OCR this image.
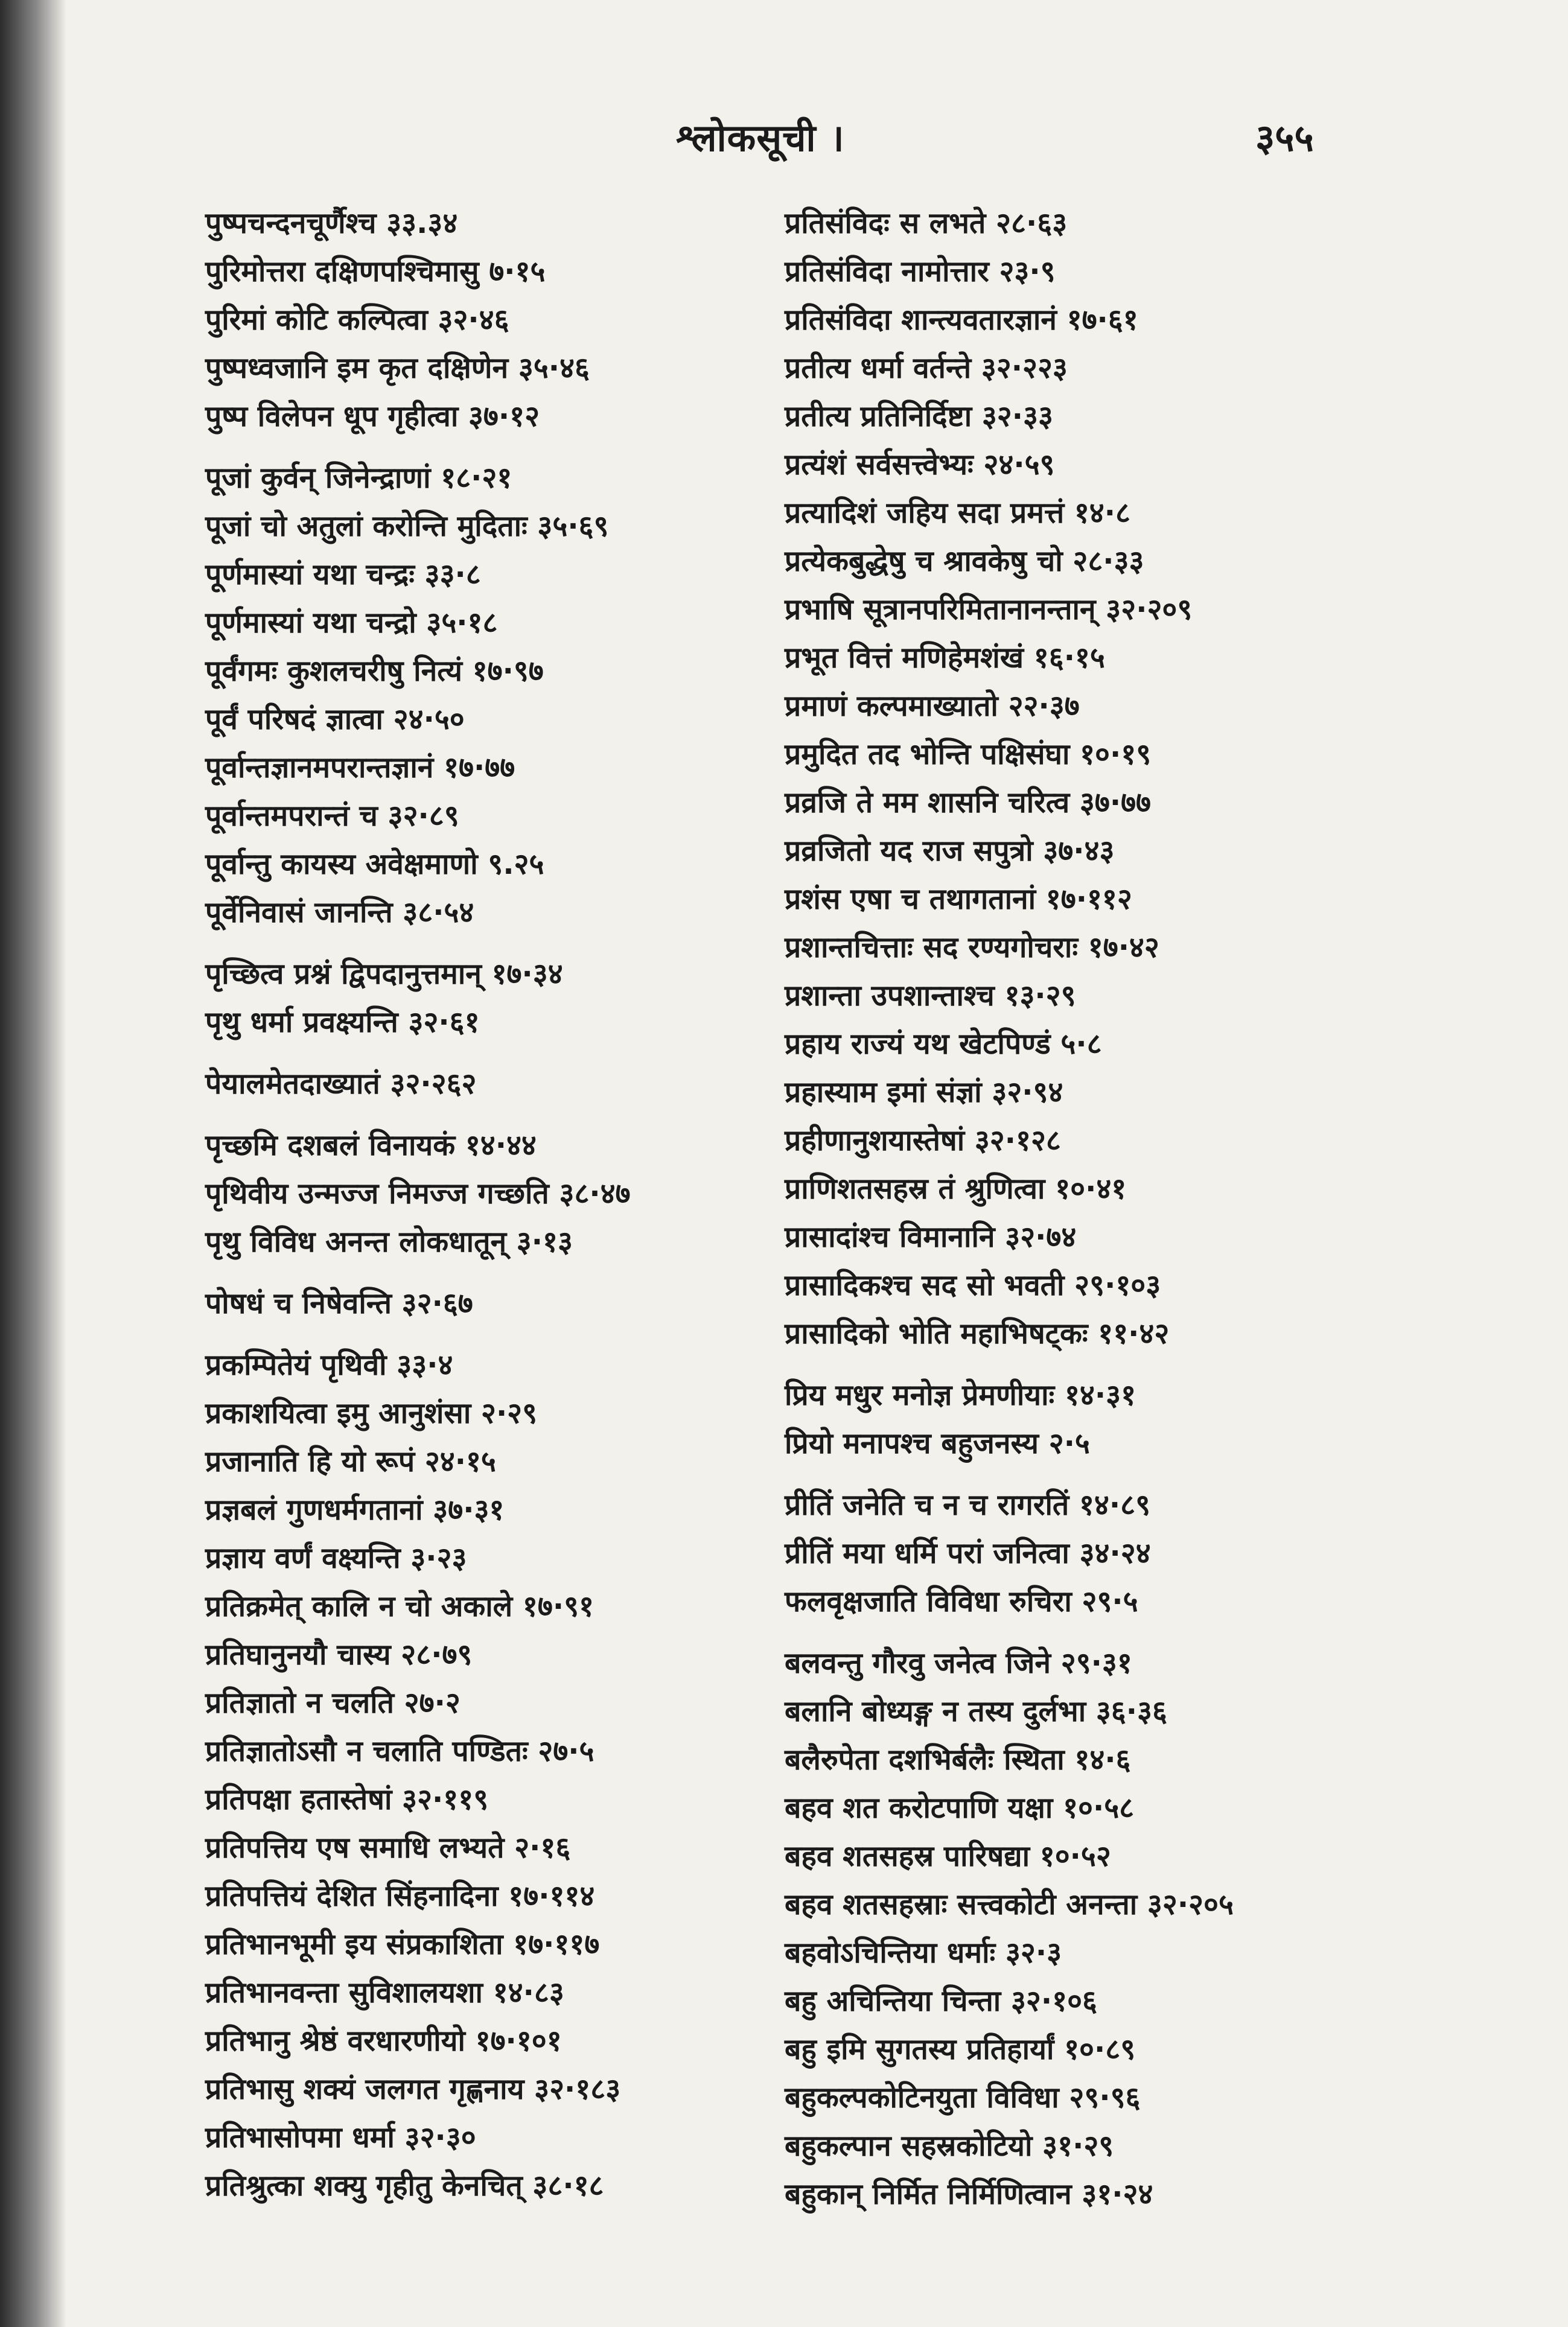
श्लोकसूची ।	३५५
पुष्पचन्दनचूर्णैश्च ३३.३४
पुरिमोत्तरा दक्षिणपश्चिमासु ७·१५
पुरिमां कोटि कल्पित्वा ३२·४६
पुष्पध्वजानि इम कृत दक्षिणेन ३५·४६
पुष्प विलेपन धूप गृहीत्वा ३७·१२
पूजां कुर्वन् जिनेन्द्राणां १८·२१
पूजां चो अतुलां करोन्ति मुदिताः ३५·६९
पूर्णमास्यां यथा चन्द्रः ३३·८
पूर्णमास्यां यथा चन्द्रो ३५·१८
पूर्वंगमः कुशलचरीषु नित्यं १७·९७
पूर्वं परिषदं ज्ञात्वा २४·५०
पूर्वान्तज्ञानमपरान्तज्ञानं १७·७७
पूर्वान्तमपरान्तं च ३२·८९
पूर्वान्तु कायस्य अवेक्षमाणो ९.२५
पूर्वेनिवासं जानन्ति ३८·५४
पृच्छित्व प्रश्नं द्विपदानुत्तमान् १७·३४
पृथु धर्मा प्रवक्ष्यन्ति ३२·६१
पेयालमेतदाख्यातं ३२·२६२
पृच्छमि दशबलं विनायकं १४·४४
पृथिवीय उन्मज्ज निमज्ज गच्छति ३८·४७
पृथु विविध अनन्त लोकधातून् ३·१३
पोषधं च निषेवन्ति ३२·६७
प्रकम्पितेयं पृथिवी ३३·४
प्रकाशयित्वा इमु आनुशंसा २·२९
प्रजानाति हि यो रूपं २४·१५
प्रज्ञबलं गुणधर्मगतानां ३७·३१
प्रज्ञाय वर्णं वक्ष्यन्ति ३·२३
प्रतिक्रमेत् कालि न चो अकाले १७·९१
प्रतिघानुनयौ चास्य २८·७९
प्रतिज्ञातो न चलति २७·२
प्रतिज्ञातोऽसौ न चलाति पण्डितः २७·५
प्रतिपक्षा हतास्तेषां ३२·११९
प्रतिपत्तिय एष समाधि लभ्यते २·१६
प्रतिपत्तियं देशित सिंहनादिना १७·११४
प्रतिभानभूमी इय संप्रकाशिता १७·११७
प्रतिभानवन्ता सुविशालयशा १४·८३
प्रतिभानु श्रेष्ठं वरधारणीयो १७·१०१
प्रतिभासु शक्यं जलगत गृह्णनाय ३२·१८३
प्रतिभासोपमा धर्मा ३२·३०
प्रतिश्रुत्का शक्यु गृहीतु केनचित् ३८·१८
प्रतिसंविदः स लभते २८·६३
प्रतिसंविदा नामोत्तार २३·९
प्रतिसंविदा शान्त्यवतारज्ञानं १७·६१
प्रतीत्य धर्मा वर्तन्ते ३२·२२३
प्रतीत्य प्रतिनिर्दिष्टा ३२·३३
प्रत्यंशं सर्वसत्त्वेभ्यः २४·५९
प्रत्यादिशं जहिय सदा प्रमत्तं १४·८
प्रत्येकबुद्धेषु च श्रावकेषु चो २८·३३
प्रभाषि सूत्रानपरिमितानानन्तान् ३२·२०९
प्रभूत वित्तं मणिहेमशंखं १६·१५
प्रमाणं कल्पमाख्यातो २२·३७
प्रमुदित तद भोन्ति पक्षिसंघा १०·१९
प्रव्रजि ते मम शासनि चरित्व ३७·७७
प्रव्रजितो यद राज सपुत्रो ३७·४३
प्रशंस एषा च तथागतानां १७·११२
प्रशान्तचित्ताः सद रण्यगोचराः १७·४२
प्रशान्ता उपशान्ताश्च १३·२९
प्रहाय राज्यं यथ खेटपिण्डं ५·८
प्रहास्याम इमां संज्ञां ३२·९४
प्रहीणानुशयास्तेषां ३२·१२८
प्राणिशतसहस्र तं श्रुणित्वा १०·४१
प्रासादांश्च विमानानि ३२·७४
प्रासादिकश्च सद सो भवती २९·१०३
प्रासादिको भोति महाभिषट्कः ११·४२
प्रिय मधुर मनोज्ञ प्रेमणीयाः १४·३१
प्रियो मनापश्च बहुजनस्य २·५
प्रीतिं जनेति च न च रागरतिं १४·८९
प्रीतिं मया धर्मि परां जनित्वा ३४·२४
फलवृक्षजाति विविधा रुचिरा २९·५
बलवन्तु गौरवु जनेत्व जिने २९·३१
बलानि बोध्यङ्ग न तस्य दुर्लभा ३६·३६
बलैरुपेता दशभिर्बलैः स्थिता १४·६
बहव शत करोटपाणि यक्षा १०·५८
बहव शतसहस्र पारिषद्या १०·५२
बहव शतसहस्राः सत्त्वकोटी अनन्ता ३२·२०५
बहवोऽचिन्तिया धर्माः ३२·३
बहु अचिन्तिया चिन्ता ३२·१०६
बहु इमि सुगतस्य प्रतिहार्यां १०·८९
बहुकल्पकोटिनयुता विविधा २९·९६
बहुकल्पान सहस्रकोटियो ३१·२९
बहुकान् निर्मित निर्मिणित्वान ३१·२४
